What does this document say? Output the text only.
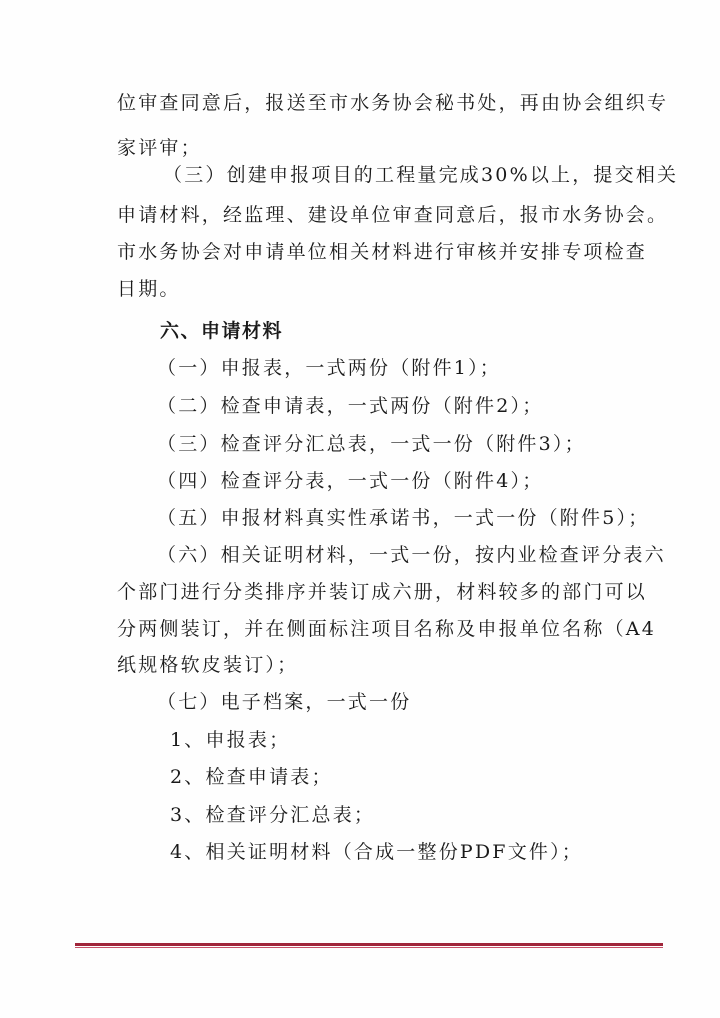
位审查同意后，报送至市水务协会秘书处，再由协会组织专
家评审；
（三）创建申报项目的工程量完成30%以上，提交相关
申请材料，经监理、建设单位审查同意后，报市水务协会。
市水务协会对申请单位相关材料进行审核并安排专项检查
日期。
六、申请材料
（一）申报表，一式两份（附件1）；
（二）检查申请表，一式两份（附件2）；
（三）检查评分汇总表，一式一份（附件3）；
（四）检查评分表，一式一份（附件4）；
（五）申报材料真实性承诺书，一式一份（附件5）；
（六）相关证明材料，一式一份，按内业检查评分表六
个部门进行分类排序并装订成六册，材料较多的部门可以
分两侧装订，并在侧面标注项目名称及申报单位名称（A4
纸规格软皮装订）；
（七）电子档案，一式一份
1、申报表；
2、检查申请表；
3、检查评分汇总表；
4、相关证明材料（合成一整份PDF文件）；
